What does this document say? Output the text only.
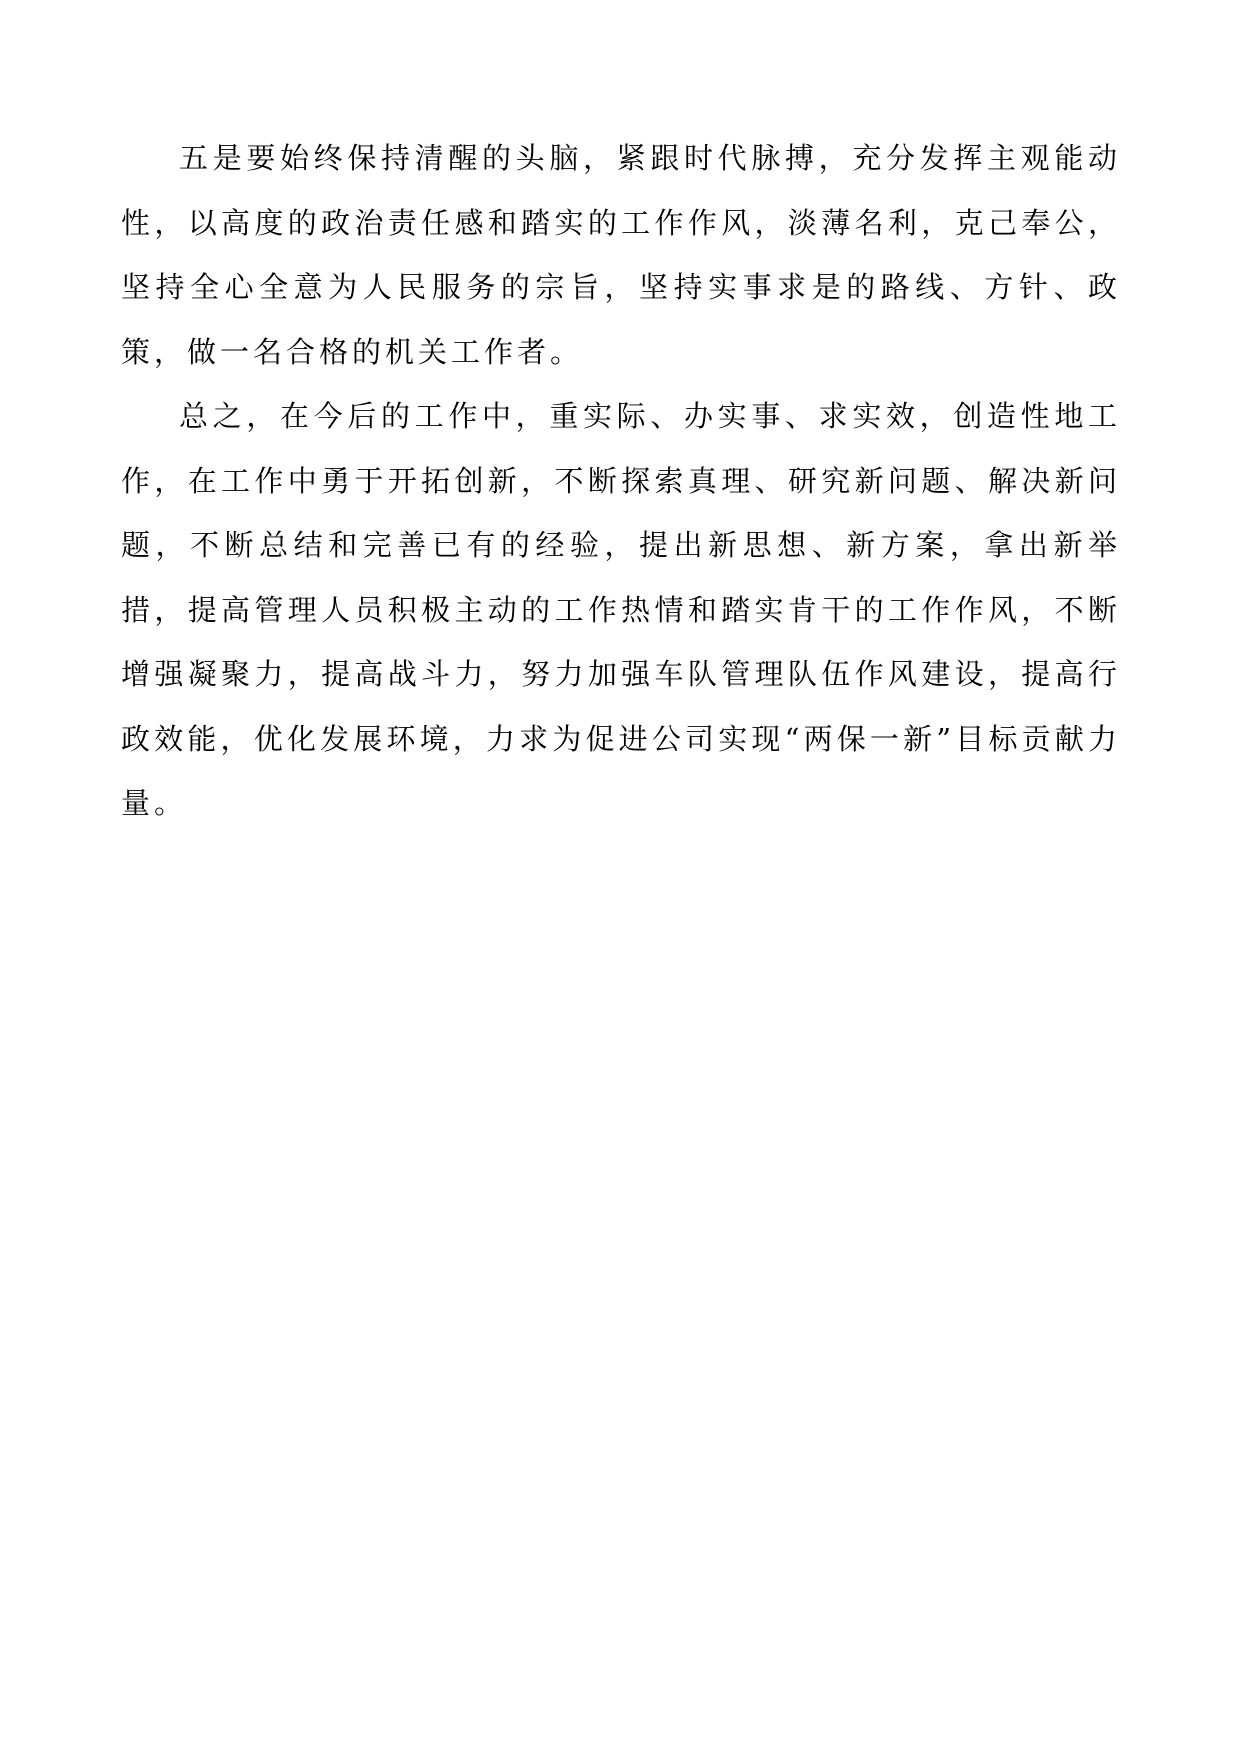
五是要始终保持清醒的头脑，紧跟时代脉搏，充分发挥主观能动性，以高度的政治责任感和踏实的工作作风，淡薄名利，克己奉公，坚持全心全意为人民服务的宗旨，坚持实事求是的路线、方针、政策，做一名合格的机关工作者。

总之，在今后的工作中，重实际、办实事、求实效，创造性地工作，在工作中勇于开拓创新，不断探索真理、研究新问题、解决新问题，不断总结和完善已有的经验，提出新思想、新方案，拿出新举措，提高管理人员积极主动的工作热情和踏实肯干的工作作风，不断增强凝聚力，提高战斗力，努力加强车队管理队伍作风建设，提高行政效能，优化发展环境，力求为促进公司实现“两保一新”目标贡献力量。
